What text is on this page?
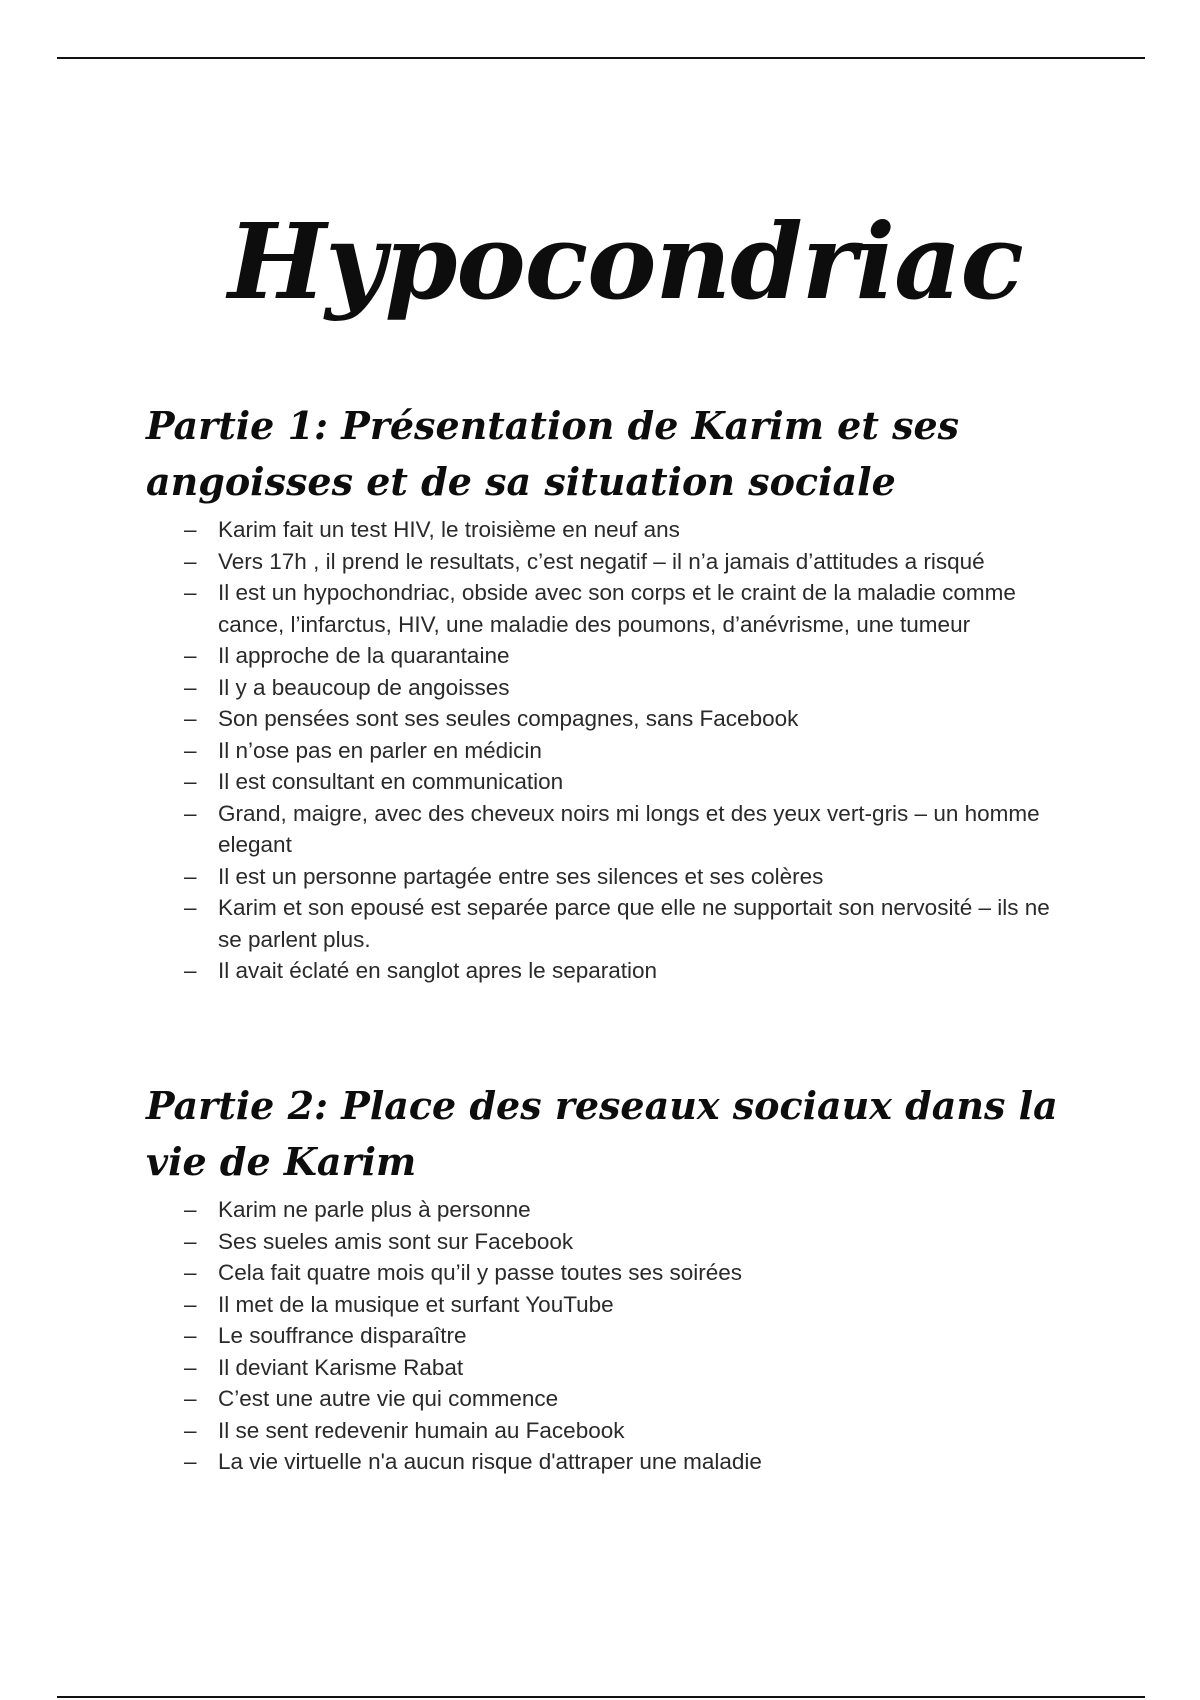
Hypocondriac
Partie 1: Présentation de Karim et ses angoisses et de sa situation sociale
– Karim fait un test HIV, le troisième en neuf ans
– Vers 17h , il prend le resultats, c’est negatif – il n’a jamais d’attitudes a risqué
– Il est un hypochondriac, obside avec son corps et le craint de la maladie comme cance, l’infarctus, HIV, une maladie des poumons, d’anévrisme, une tumeur
– Il approche de la quarantaine
– Il y a beaucoup de angoisses
– Son pensées sont ses seules compagnes, sans Facebook
– Il n’ose pas en parler en médicin
– Il est consultant en communication
– Grand, maigre, avec des cheveux noirs mi longs et des yeux vert-gris – un homme elegant
– Il est un personne partagée entre ses silences et ses colères
– Karim et son epousé est separée parce que elle ne supportait son nervosité – ils ne se parlent plus.
– Il avait éclaté en sanglot apres le separation
Partie 2: Place des reseaux sociaux dans la vie de Karim
– Karim ne parle plus à personne
– Ses sueles amis sont sur Facebook
– Cela fait quatre mois qu’il y passe toutes ses soirées
– Il met de la musique et surfant YouTube
– Le souffrance disparaître
– Il deviant Karisme Rabat
– C’est une autre vie qui commence
– Il se sent redevenir humain au Facebook
– La vie virtuelle n'a aucun risque d'attraper une maladie
